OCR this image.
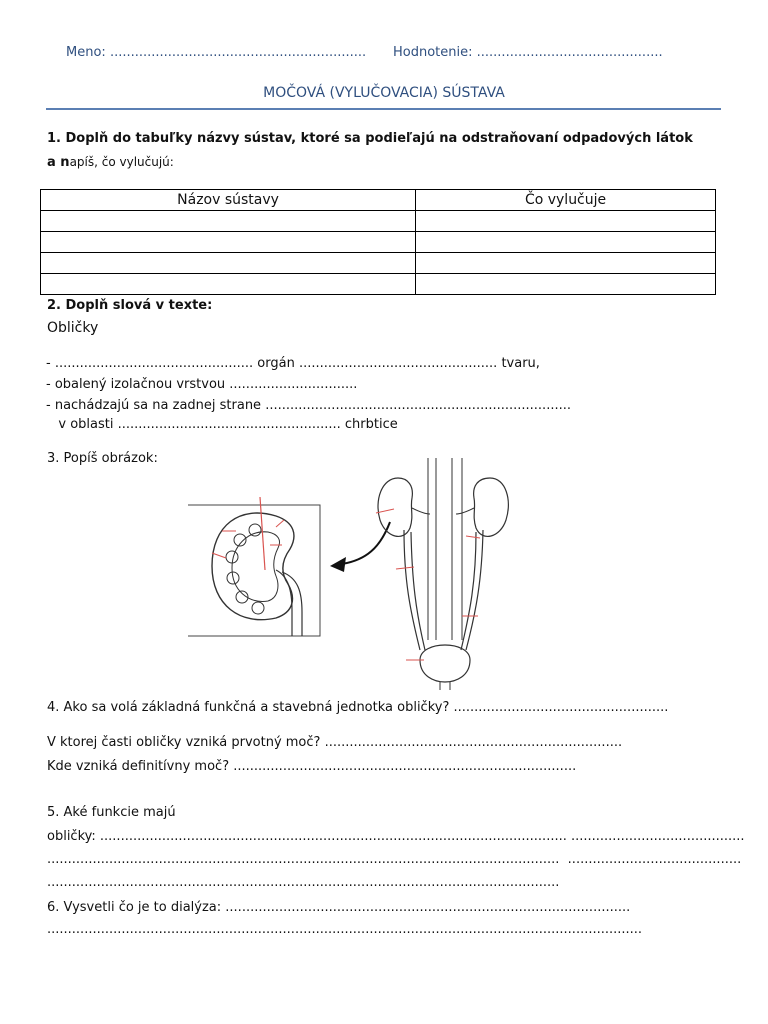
Meno: .............................................................. Hodnotenie: .............................................
MOČOVÁ (VYLUČOVACIA) SÚSTAVA
1. Doplň do tabuľky názvy sústav, ktoré sa podieľajú na odstraňovaní odpadových látok
a napíš, čo vylučujú:
Názov sústavy	Čo vylučuje

2. Doplň slová v texte:
Obličky
- ................................................ orgán ................................................ tvaru,
- obalený izolačnou vrstvou ...............................
- nachádzajú sa na zadnej strane ..........................................................................
v oblasti ...................................................... chrbtice
3. Popíš obrázok:
4. Ako sa volá základná funkčná a stavebná jednotka obličky? ....................................................
V ktorej časti obličky vzniká prvotný moč? ........................................................................
Kde vzniká definitívny moč? ...................................................................................
5. Aké funkcie majú
obličky: ................................................................................................................. ..........................................
............................................................................................................................  ..........................................
............................................................................................................................
6. Vysvetli čo je to dialýza: ..................................................................................................
................................................................................................................................................
